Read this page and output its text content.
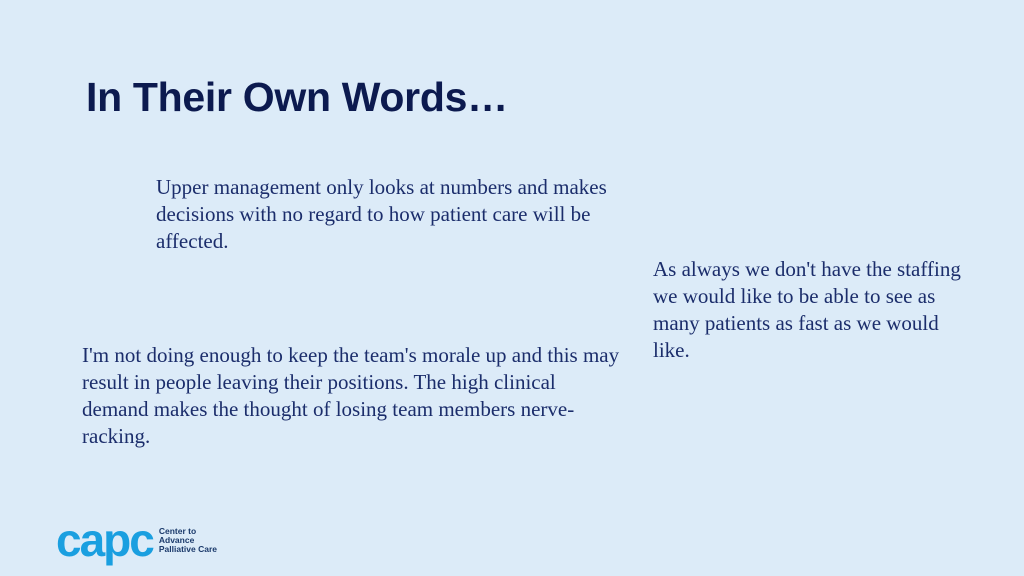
In Their Own Words…
Upper management only looks at numbers and makes decisions with no regard to how patient care will be affected.
As always we don't have the staffing we would like to be able to see as many patients as fast as we would like.
I'm not doing enough to keep the team's morale up and this may result in people leaving their positions. The high clinical demand makes the thought of losing team members nerve-racking.
capc Center to
Advance
Palliative Care
